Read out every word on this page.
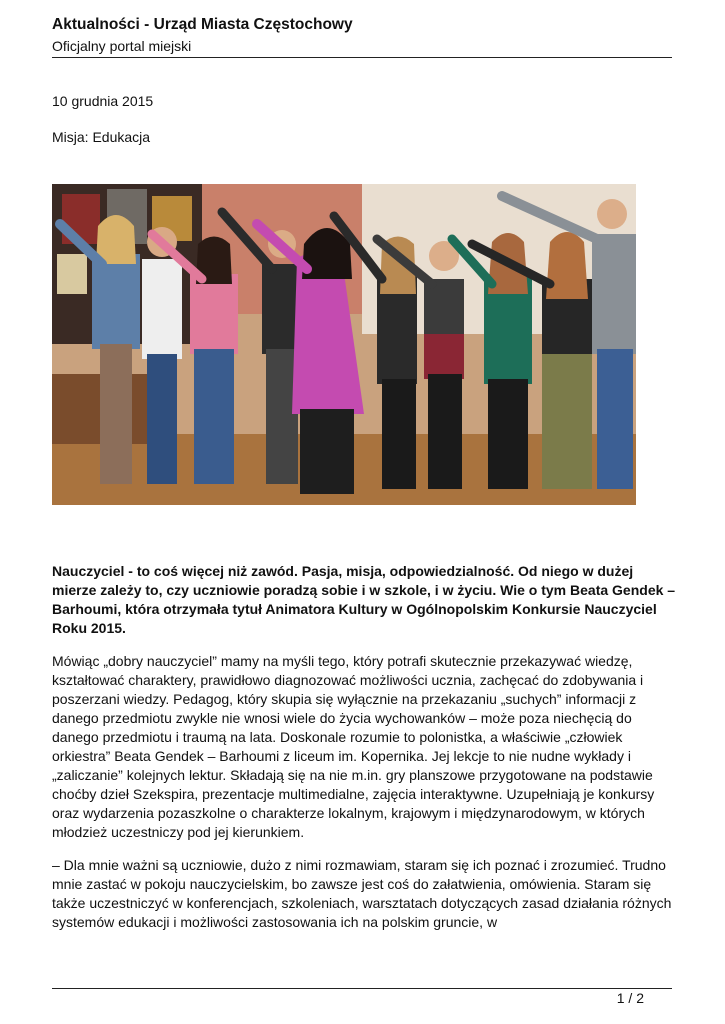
Aktualności - Urząd Miasta Częstochowy
Oficjalny portal miejski
10 grudnia 2015
Misja: Edukacja

Nauczyciel - to coś więcej niż zawód. Pasja, misja, odpowiedzialność. Od niego w dużej mierze zależy to, czy uczniowie poradzą sobie i w szkole, i w życiu. Wie o tym Beata Gendek – Barhoumi, która otrzymała tytuł Animatora Kultury w Ogólnopolskim Konkursie Nauczyciel Roku 2015.

Mówiąc „dobry nauczyciel” mamy na myśli tego, który potrafi skutecznie przekazywać wiedzę, kształtować charaktery, prawidłowo diagnozować możliwości ucznia, zachęcać do zdobywania i poszerzani wiedzy. Pedagog, który skupia się wyłącznie na przekazaniu „suchych” informacji z danego przedmiotu zwykle nie wnosi wiele do życia wychowanków – może poza niechęcią do danego przedmiotu i traumą na lata. Doskonale rozumie to polonistka, a właściwie „człowiek orkiestra” Beata Gendek – Barhoumi z liceum im. Kopernika. Jej lekcje to nie nudne wykłady i „zaliczanie” kolejnych lektur. Składają się na nie m.in. gry planszowe przygotowane na podstawie choćby dzieł Szekspira, prezentacje multimedialne, zajęcia interaktywne. Uzupełniają je konkursy oraz wydarzenia pozaszkolne o charakterze lokalnym, krajowym i międzynarodowym, w których młodzież uczestniczy pod jej kierunkiem.

– Dla mnie ważni są uczniowie, dużo z nimi rozmawiam, staram się ich poznać i zrozumieć. Trudno mnie zastać w pokoju nauczycielskim, bo zawsze jest coś do załatwienia, omówienia. Staram się także uczestniczyć w konferencjach, szkoleniach, warsztatach dotyczących zasad działania różnych systemów edukacji i możliwości zastosowania ich na polskim gruncie, w

1 / 2
